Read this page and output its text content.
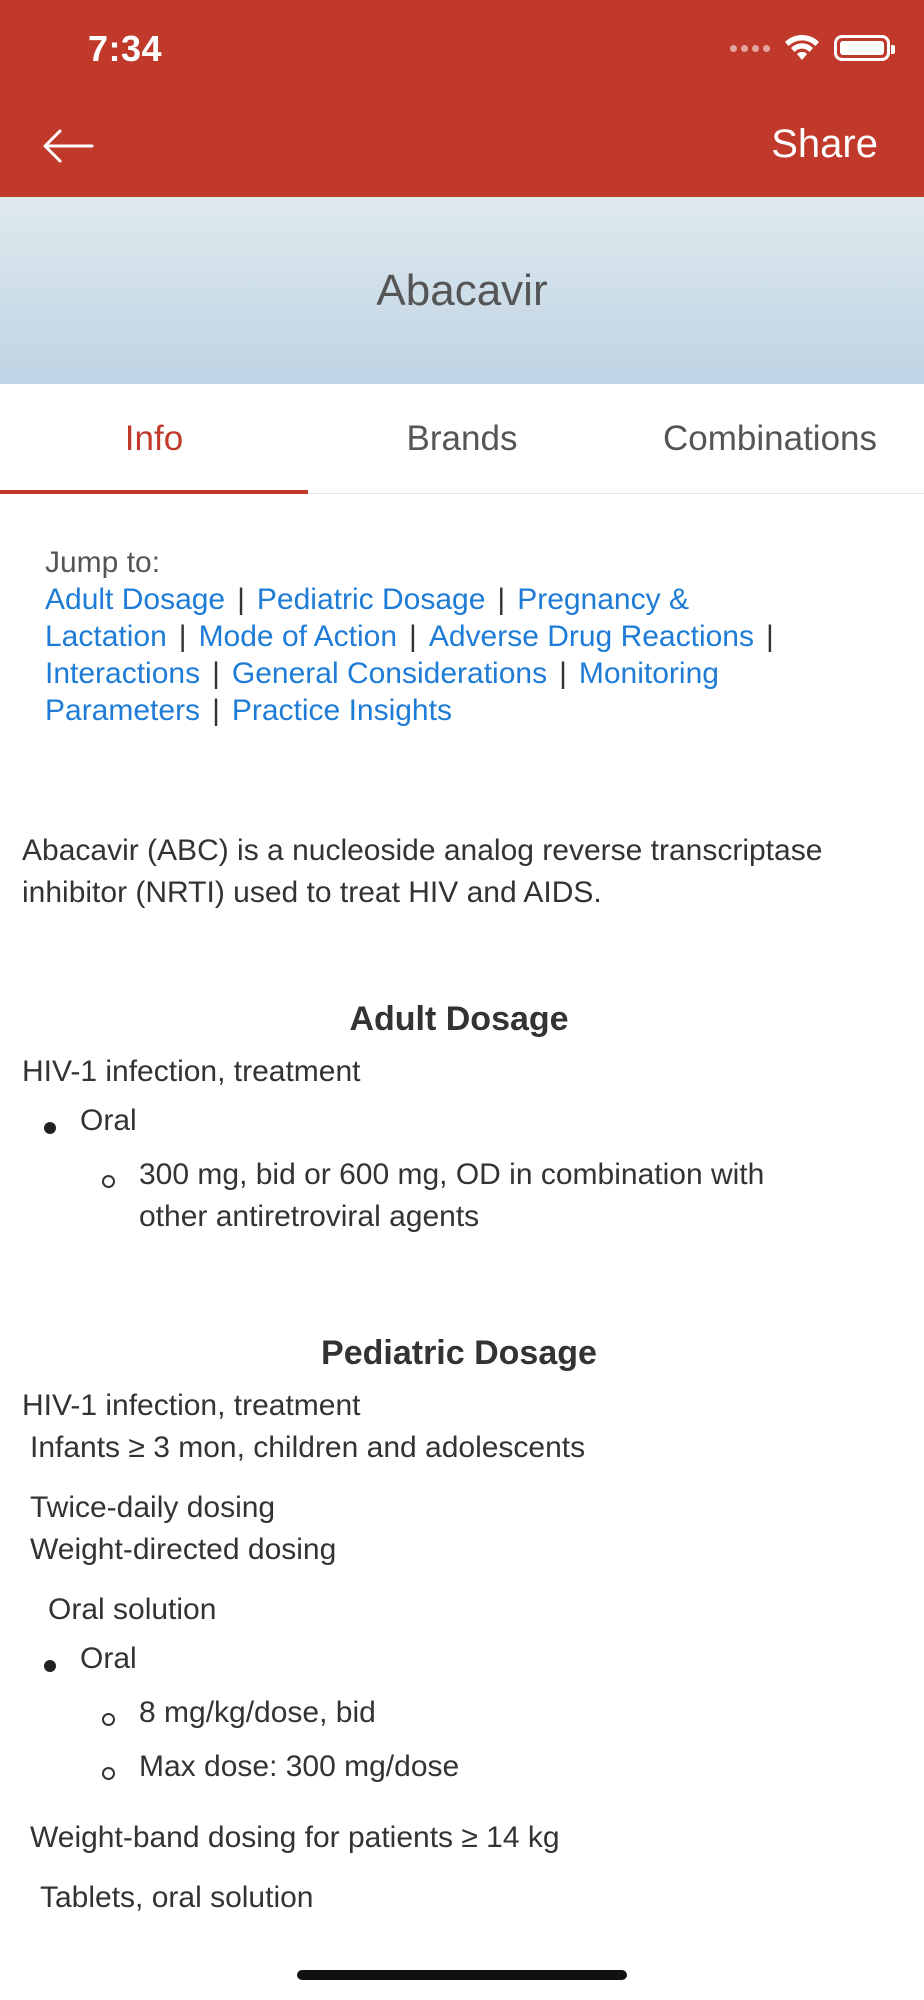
7:34
Share
Abacavir
Info	Brands	Combinations
Jump to:
Adult Dosage | Pediatric Dosage | Pregnancy &
Lactation | Mode of Action | Adverse Drug Reactions |
Interactions | General Considerations | Monitoring
Parameters | Practice Insights
Abacavir (ABC) is a nucleoside analog reverse transcriptase inhibitor (NRTI) used to treat HIV and AIDS.
Adult Dosage
HIV-1 infection, treatment
Oral
300 mg, bid or 600 mg, OD in combination with
other antiretroviral agents
Pediatric Dosage
HIV-1 infection, treatment
Infants ≥ 3 mon, children and adolescents
Twice-daily dosing
Weight-directed dosing
Oral solution
Oral
8 mg/kg/dose, bid
Max dose: 300 mg/dose
Weight-band dosing for patients ≥ 14 kg
Tablets, oral solution
